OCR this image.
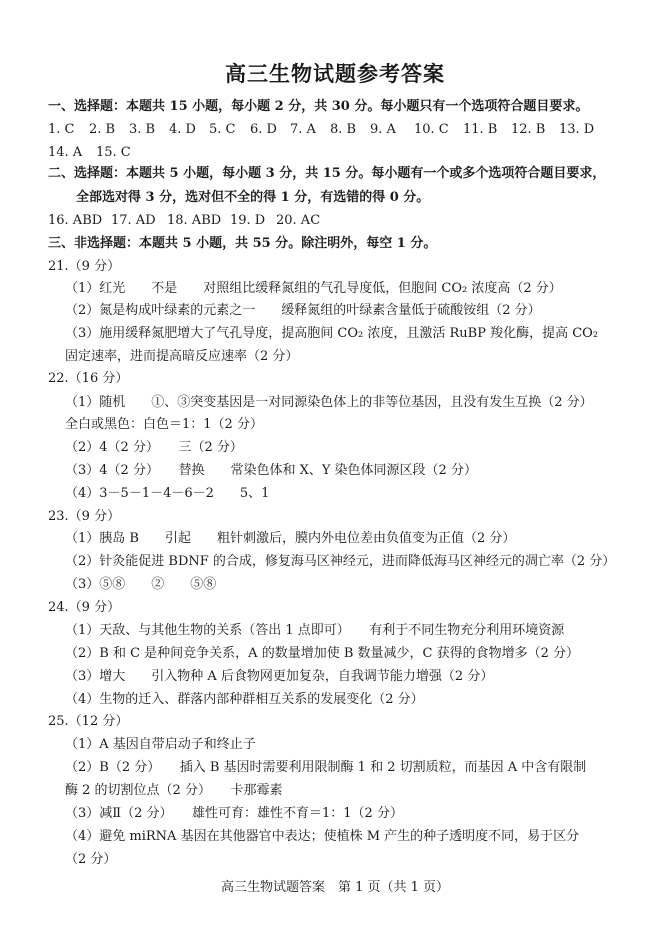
高三生物试题参考答案
一、选择题：本题共 15 小题，每小题 2 分，共 30 分。每小题只有一个选项符合题目要求。
1. C 2. B 3. B 4. D 5. C 6. D 7. A 8. B 9. A 10. C 11. B 12. B 13. D
14. A 15. C
二、选择题：本题共 5 小题，每小题 3 分，共 15 分。每小题有一个或多个选项符合题目要求，
全部选对得 3 分，选对但不全的得 1 分，有选错的得 0 分。
16. ABD 17. AD 18. ABD 19. D 20. AC
三、非选择题：本题共 5 小题，共 55 分。除注明外，每空 1 分。
21.（9 分）
（1）红光　　不是　　对照组比缓释氮组的气孔导度低，但胞间 CO₂ 浓度高（2 分）
（2）氮是构成叶绿素的元素之一　　缓释氮组的叶绿素含量低于硫酸铵组（2 分）
（3）施用缓释氮肥增大了气孔导度，提高胞间 CO₂ 浓度，且激活 RuBP 羧化酶，提高 CO₂
固定速率，进而提高暗反应速率（2 分）
22.（16 分）
（1）随机　　①、③突变基因是一对同源染色体上的非等位基因，且没有发生互换（2 分）
全白或黑色：白色＝1：1（2 分）
（2）4（2 分）　　三（2 分）
（3）4（2 分）　　替换　　常染色体和 X、Y 染色体同源区段（2 分）
（4）3－5－1－4－6－2　　5、1
23.（9 分）
（1）胰岛 B　　引起　　粗针刺激后，膜内外电位差由负值变为正值（2 分）
（2）针灸能促进 BDNF 的合成，修复海马区神经元，进而降低海马区神经元的凋亡率（2 分）
（3）⑤⑧　　②　　⑤⑧
24.（9 分）
（1）天敌、与其他生物的关系（答出 1 点即可）　　有利于不同生物充分利用环境资源
（2）B 和 C 是种间竞争关系，A 的数量增加使 B 数量减少，C 获得的食物增多（2 分）
（3）增大　　引入物种 A 后食物网更加复杂，自我调节能力增强（2 分）
（4）生物的迁入、群落内部种群相互关系的发展变化（2 分）
25.（12 分）
（1）A 基因自带启动子和终止子
（2）B（2 分）　　插入 B 基因时需要利用限制酶 1 和 2 切割质粒，而基因 A 中含有限制
酶 2 的切割位点（2 分）　　卡那霉素
（3）减Ⅱ（2 分）　　雄性可育：雄性不育＝1：1（2 分）
（4）避免 miRNA 基因在其他器官中表达；使植株 M 产生的种子透明度不同，易于区分
（2 分）
高三生物试题答案　第 1 页（共 1 页）
